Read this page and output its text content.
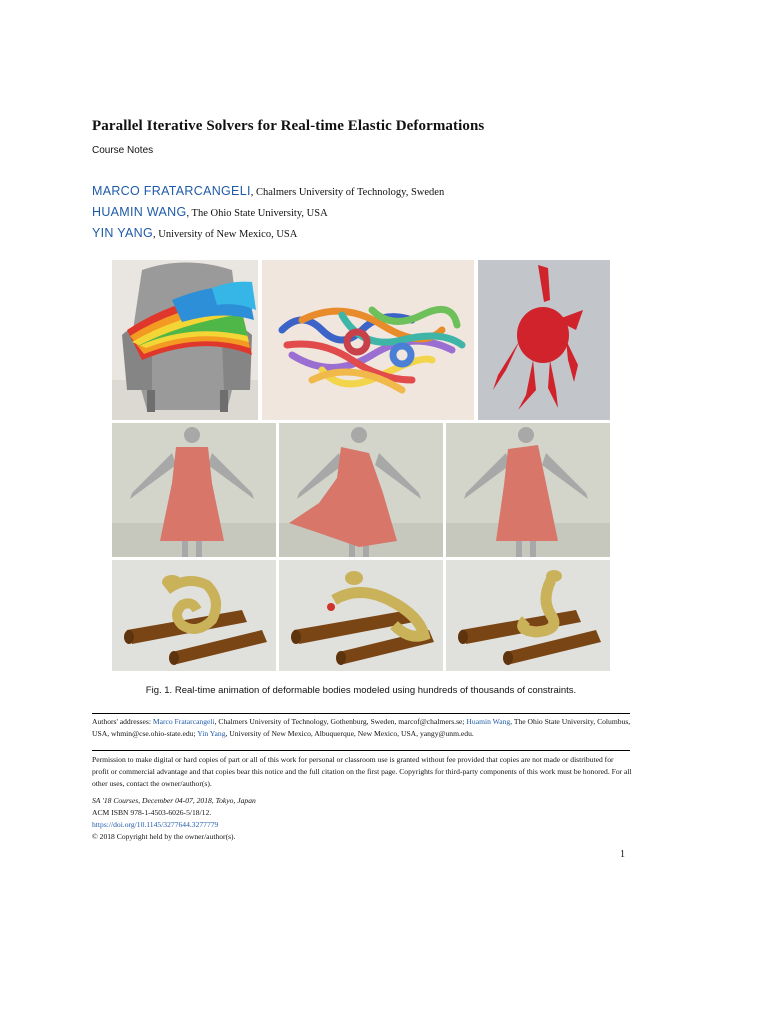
Parallel Iterative Solvers for Real-time Elastic Deformations
Course Notes
MARCO FRATARCANGELI, Chalmers University of Technology, Sweden
HUAMIN WANG, The Ohio State University, USA
YIN YANG, University of New Mexico, USA
Fig. 1. Real-time animation of deformable bodies modeled using hundreds of thousands of constraints.
Authors' addresses: Marco Fratarcangeli, Chalmers University of Technology, Gothenburg, Sweden, marcof@chalmers.se; Huamin Wang, The Ohio State University, Columbus, USA, whmin@cse.ohio-state.edu; Yin Yang, University of New Mexico, Albuquerque, New Mexico, USA, yangy@unm.edu.
Permission to make digital or hard copies of part or all of this work for personal or classroom use is granted without fee provided that copies are not made or distributed for profit or commercial advantage and that copies bear this notice and the full citation on the first page. Copyrights for third-party components of this work must be honored. For all other uses, contact the owner/author(s).
SA '18 Courses, December 04-07, 2018, Tokyo, Japan
ACM ISBN 978-1-4503-6026-5/18/12.
https://doi.org/10.1145/3277644.3277779
© 2018 Copyright held by the owner/author(s).
1
